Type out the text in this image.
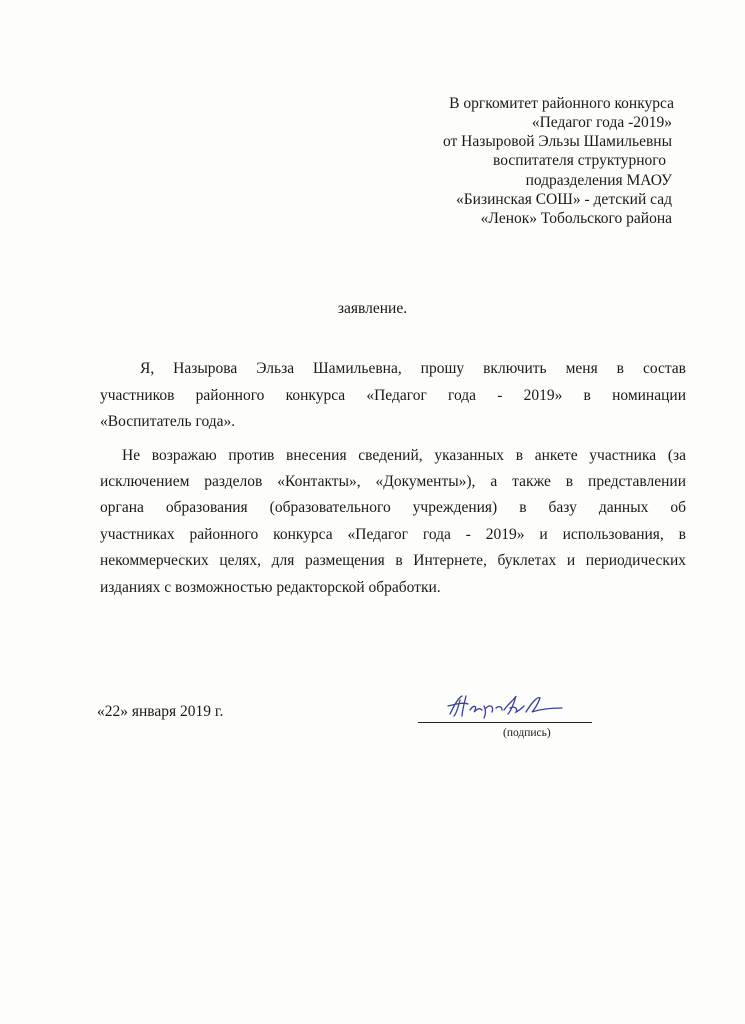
В оргкомитет районного конкурса
«Педагог года -2019»
от Назыровой Эльзы Шамильевны
воспитателя структурного
подразделения МАОУ
«Бизинская СОШ» - детский сад
«Ленок» Тобольского района
заявление.
Я, Назырова Эльза Шамильевна, прошу включить меня в состав
участников районного конкурса «Педагог года - 2019» в номинации
«Воспитатель года».
Не возражаю против внесения сведений, указанных в анкете участника (за
исключением разделов «Контакты», «Документы»), а также в представлении
органа образования (образовательного учреждения) в базу данных об
участниках районного конкурса «Педагог года - 2019» и использования, в
некоммерческих целях, для размещения в Интернете, буклетах и периодических
изданиях с возможностью редакторской обработки.
«22» января 2019 г.
(подпись)
